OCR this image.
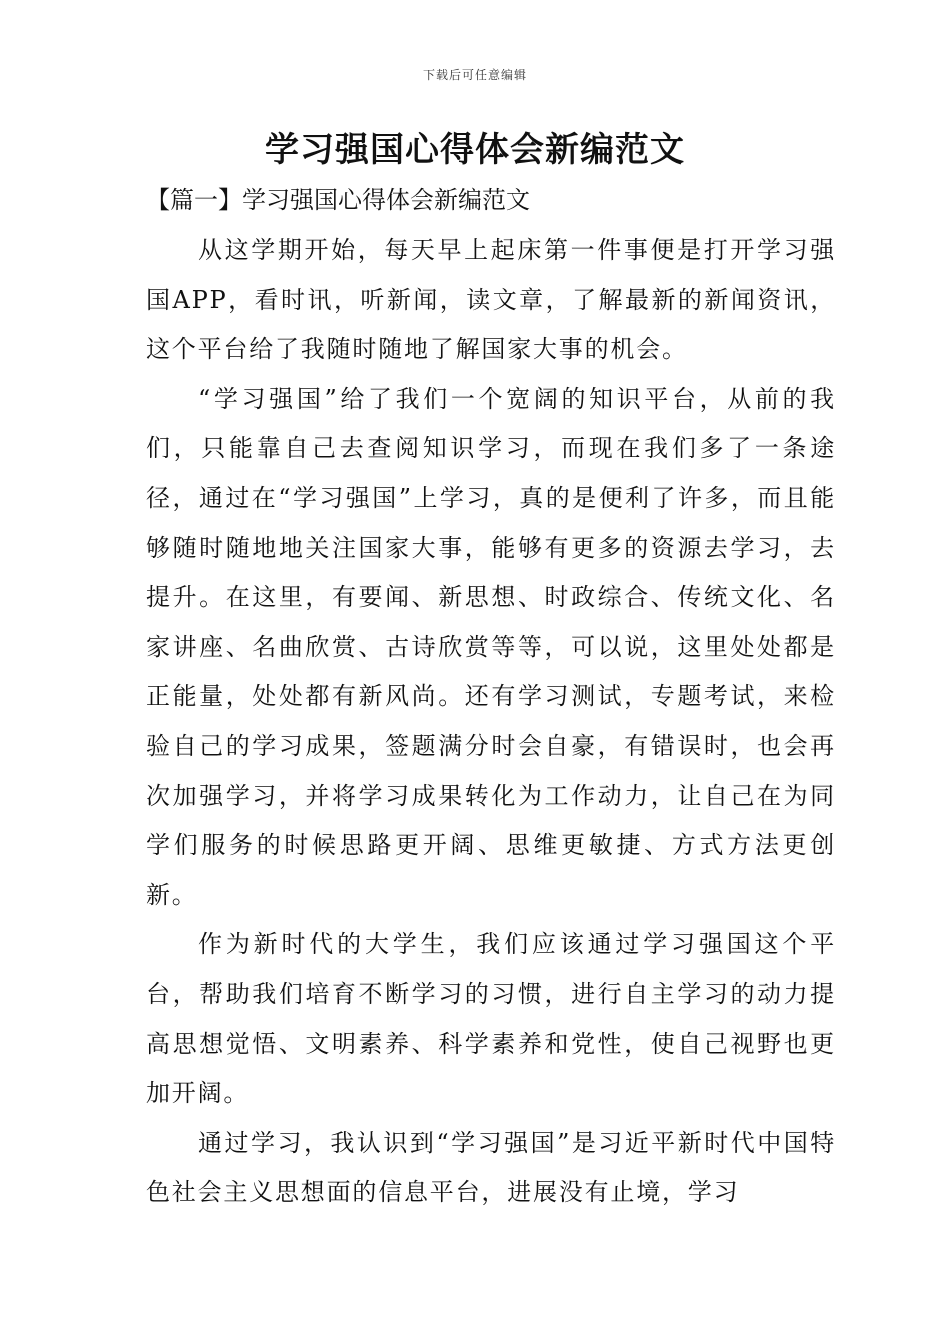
下载后可任意编辑
学习强国心得体会新编范文
【篇一】学习强国心得体会新编范文

从这学期开始，每天早上起床第一件事便是打开学习强国APP，看时讯，听新闻，读文章，了解最新的新闻资讯，这个平台给了我随时随地了解国家大事的机会。

“学习强国”给了我们一个宽阔的知识平台，从前的我们，只能靠自己去查阅知识学习，而现在我们多了一条途径，通过在“学习强国”上学习，真的是便利了许多，而且能够随时随地地关注国家大事，能够有更多的资源去学习，去提升。在这里，有要闻、新思想、时政综合、传统文化、名家讲座、名曲欣赏、古诗欣赏等等，可以说，这里处处都是正能量，处处都有新风尚。还有学习测试，专题考试，来检验自己的学习成果，签题满分时会自豪，有错误时，也会再次加强学习，并将学习成果转化为工作动力，让自己在为同学们服务的时候思路更开阔、思维更敏捷、方式方法更创新。

作为新时代的大学生，我们应该通过学习强国这个平台，帮助我们培育不断学习的习惯，进行自主学习的动力提高思想觉悟、文明素养、科学素养和党性，使自己视野也更加开阔。

通过学习，我认识到“学习强国”是习近平新时代中国特色社会主义思想面的信息平台，进展没有止境，学习
